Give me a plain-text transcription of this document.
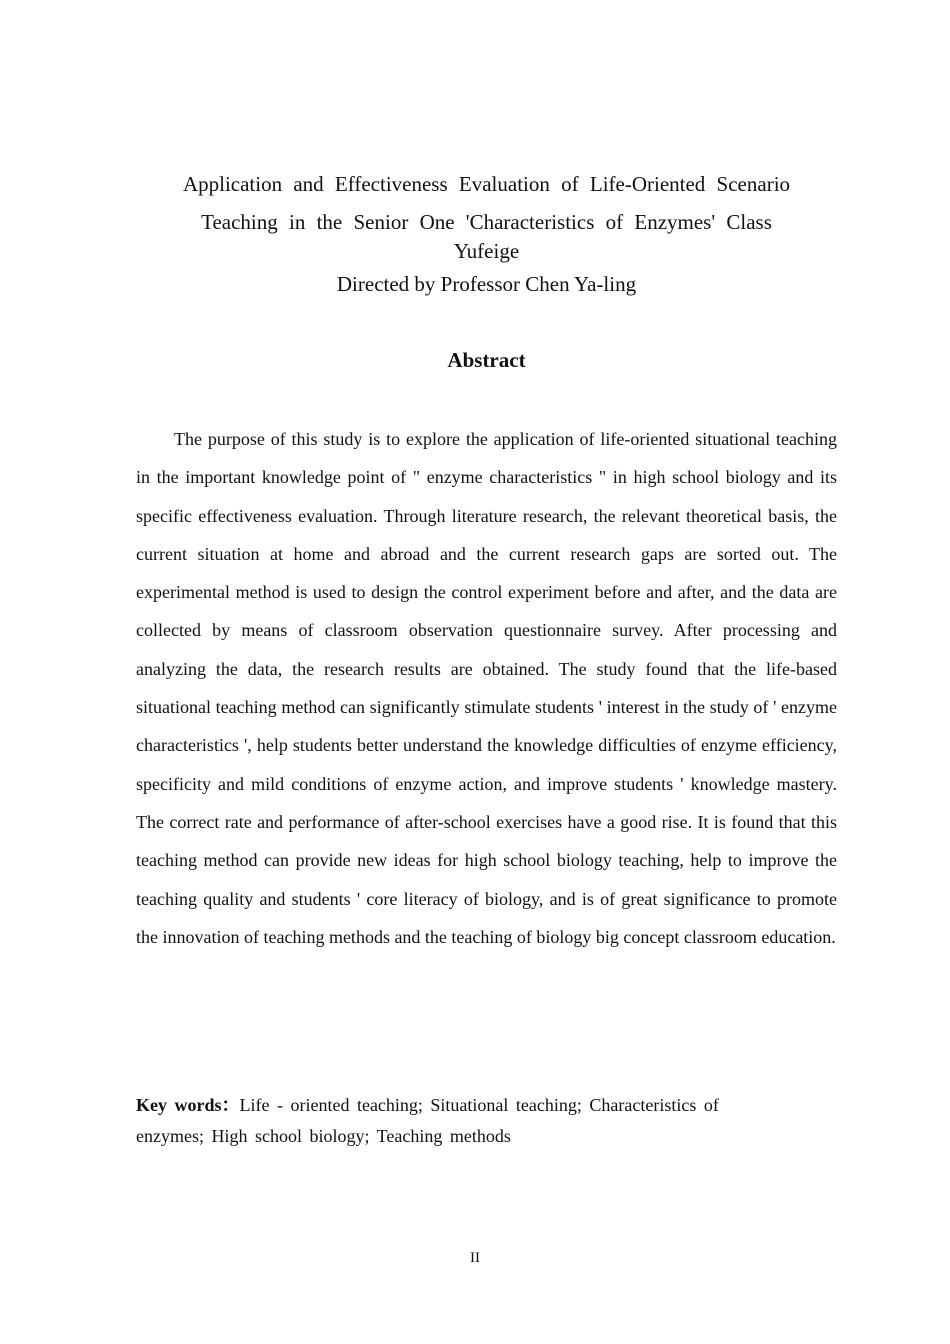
Application and Effectiveness Evaluation of Life-Oriented Scenario

Teaching in the Senior One 'Characteristics of Enzymes' Class

Yufeige

Directed by Professor Chen Ya-ling

Abstract

The purpose of this study is to explore the application of life-oriented situational teaching in the important knowledge point of " enzyme characteristics " in high school biology and its specific effectiveness evaluation. Through literature research, the relevant theoretical basis, the current situation at home and abroad and the current research gaps are sorted out. The experimental method is used to design the control experiment before and after, and the data are collected by means of classroom observation questionnaire survey. After processing and analyzing the data, the research results are obtained. The study found that the life-based situational teaching method can significantly stimulate students ' interest in the study of ' enzyme characteristics ', help students better understand the knowledge difficulties of enzyme efficiency, specificity and mild conditions of enzyme action, and improve students ' knowledge mastery. The correct rate and performance of after-school exercises have a good rise. It is found that this teaching method can provide new ideas for high school biology teaching, help to improve the teaching quality and students ' core literacy of biology, and is of great significance to promote the innovation of teaching methods and the teaching of biology big concept classroom education.

Key words：Life - oriented teaching; Situational teaching; Characteristics of enzymes; High school biology; Teaching methods

II
